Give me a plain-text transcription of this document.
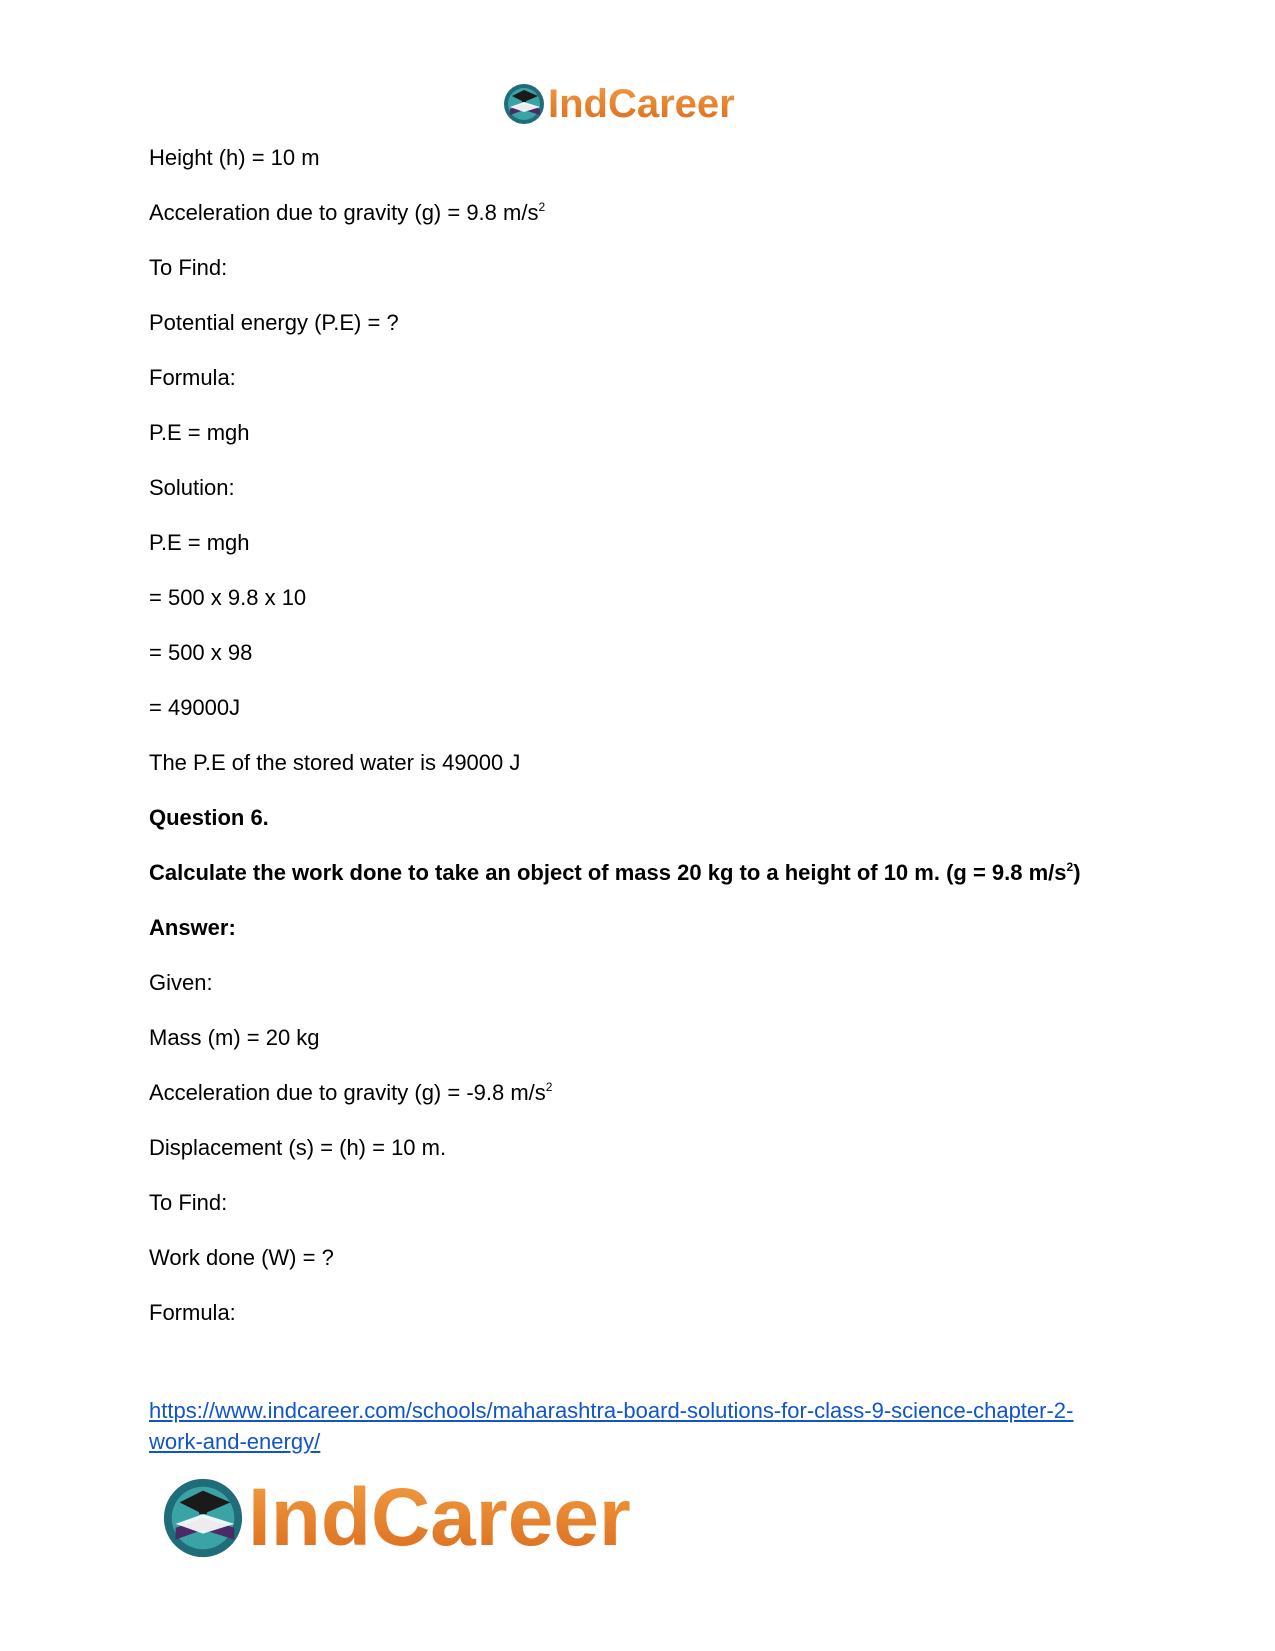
IndCareer
Height (h) = 10 m
Acceleration due to gravity (g) = 9.8 $m/s^2$
To Find:
Potential energy (P.E) = ?
Formula:
P.E = mgh
Solution:
P.E = mgh
= 500 x 9.8 x 10
= 500 x 98
= 49000J
The P.E of the stored water is 49000 J
Question 6.
Calculate the work done to take an object of mass 20 kg to a height of 10 m. (g = 9.8 $m/s^2$)
Answer:
Given:
Mass (m) = 20 kg
Acceleration due to gravity (g) = -9.8 $m/s^2$
Displacement (s) = (h) = 10 m.
To Find:
Work done (W) = ?
Formula:
https://www.indcareer.com/schools/maharashtra-board-solutions-for-class-9-science-chapter-2-
work-and-energy/
IndCareer
